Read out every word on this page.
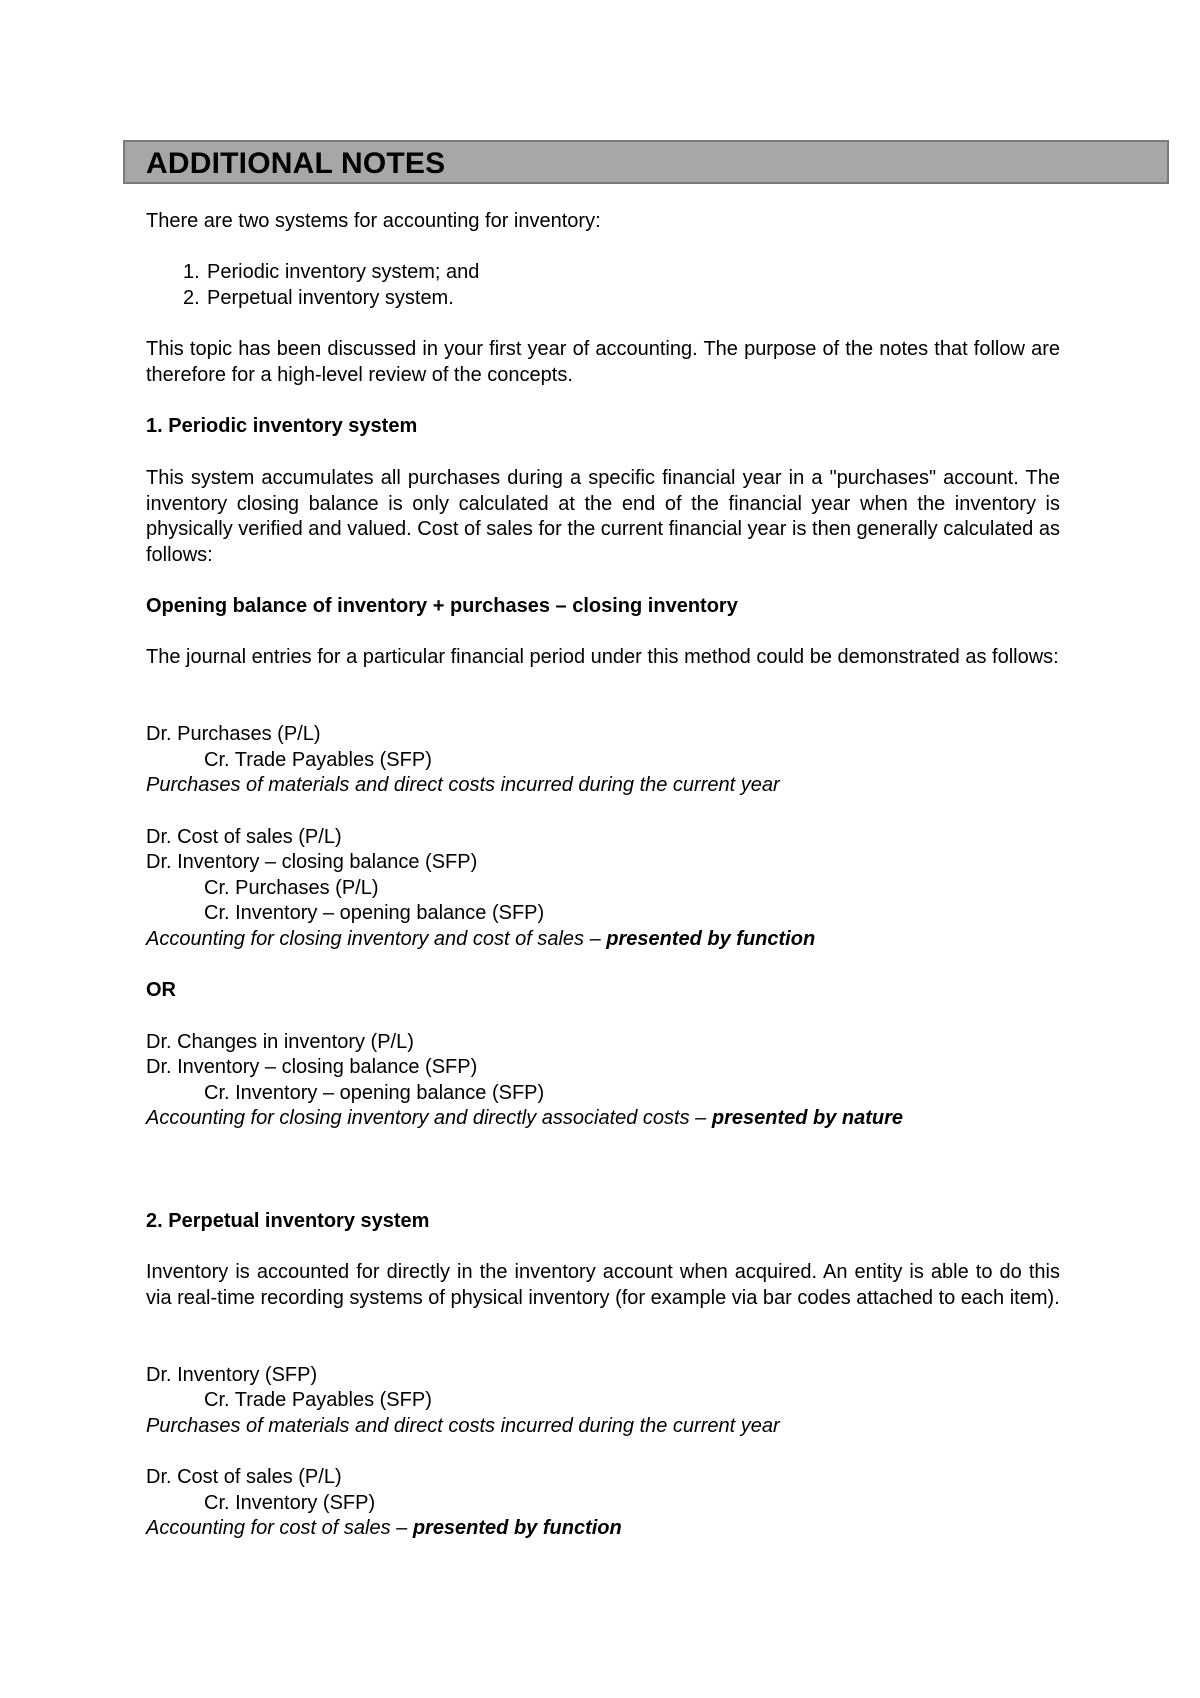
ADDITIONAL NOTES

There are two systems for accounting for inventory:

1. Periodic inventory system; and

2. Perpetual inventory system.

This topic has been discussed in your first year of accounting. The purpose of the notes that follow are therefore for a high-level review of the concepts.

1. Periodic inventory system

This system accumulates all purchases during a specific financial year in a "purchases" account. The inventory closing balance is only calculated at the end of the financial year when the inventory is physically verified and valued. Cost of sales for the current financial year is then generally calculated as follows:

Opening balance of inventory + purchases – closing inventory

The journal entries for a particular financial period under this method could be demonstrated as follows:

Dr. Purchases (P/L)

Cr. Trade Payables (SFP)

Purchases of materials and direct costs incurred during the current year

Dr. Cost of sales (P/L)

Dr. Inventory – closing balance (SFP)

Cr. Purchases (P/L)

Cr. Inventory – opening balance (SFP)

Accounting for closing inventory and cost of sales – presented by function

OR

Dr. Changes in inventory (P/L)

Dr. Inventory – closing balance (SFP)

Cr. Inventory – opening balance (SFP)

Accounting for closing inventory and directly associated costs – presented by nature

2. Perpetual inventory system

Inventory is accounted for directly in the inventory account when acquired. An entity is able to do this via real-time recording systems of physical inventory (for example via bar codes attached to each item).

Dr. Inventory (SFP)

Cr. Trade Payables (SFP)

Purchases of materials and direct costs incurred during the current year

Dr. Cost of sales (P/L)

Cr. Inventory (SFP)

Accounting for cost of sales – presented by function
